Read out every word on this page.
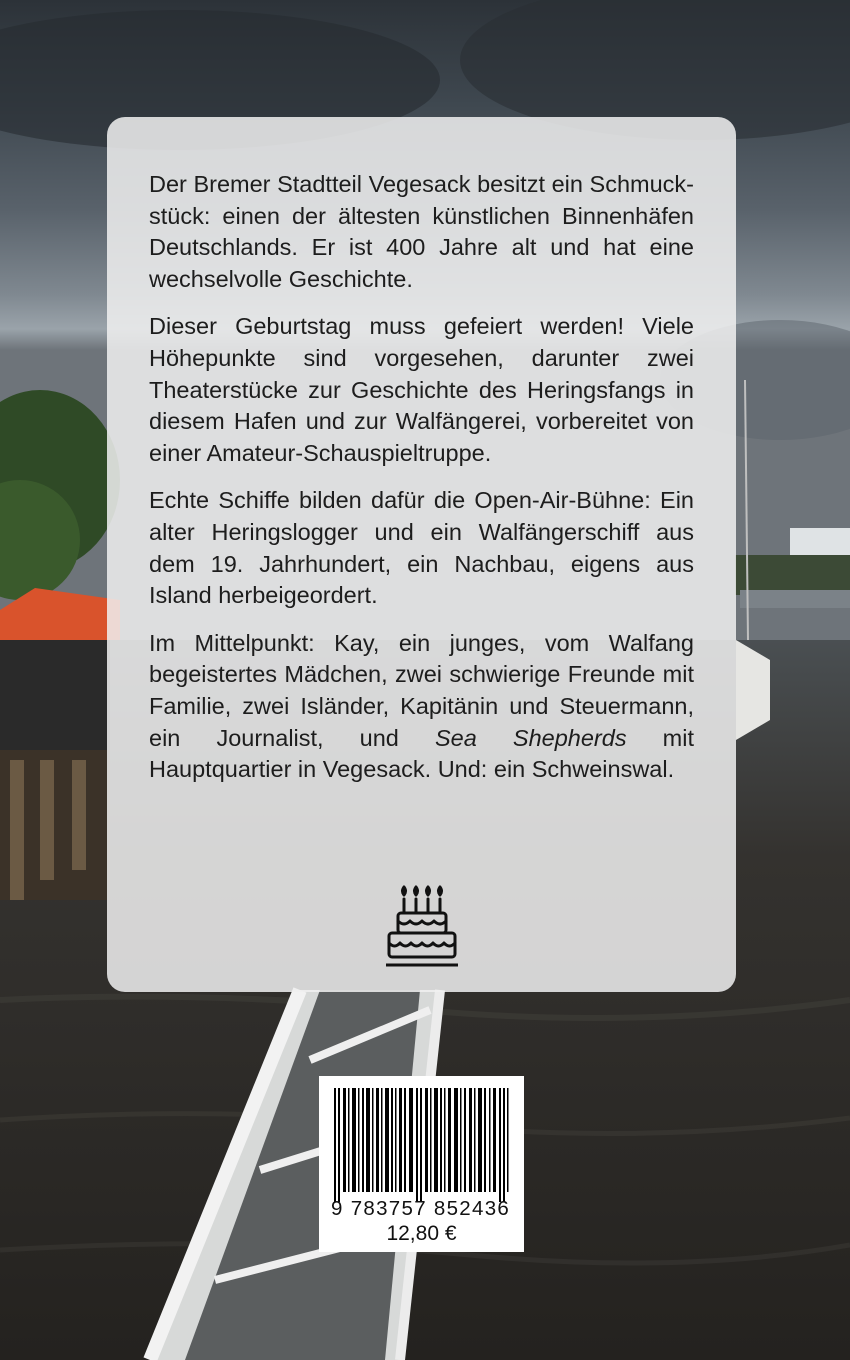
Der Bremer Stadtteil Vegesack besitzt ein Schmuckstück: einen der ältesten künstlichen Binnenhäfen Deutschlands. Er ist 400 Jahre alt und hat eine wechselvolle Geschichte.

Dieser Geburtstag muss gefeiert werden! Viele Höhepunkte sind vorgesehen, darunter zwei Theaterstücke zur Geschichte des Heringsfangs in diesem Hafen und zur Walfängerei, vorbereitet von einer Amateur-Schauspieltruppe.

Echte Schiffe bilden dafür die Open-Air-Bühne: Ein alter Heringslogger und ein Walfängerschiff aus dem 19. Jahrhundert, ein Nachbau, eigens aus Island herbeigeordert.

Im Mittelpunkt: Kay, ein junges, vom Walfang begeistertes Mädchen, zwei schwierige Freunde mit Familie, zwei Isländer, Kapitänin und Steuermann, ein Journalist, und Sea Shepherds mit Hauptquartier in Vegesack. Und: ein Schweinswal.

9 783757 852436
12,80 €
